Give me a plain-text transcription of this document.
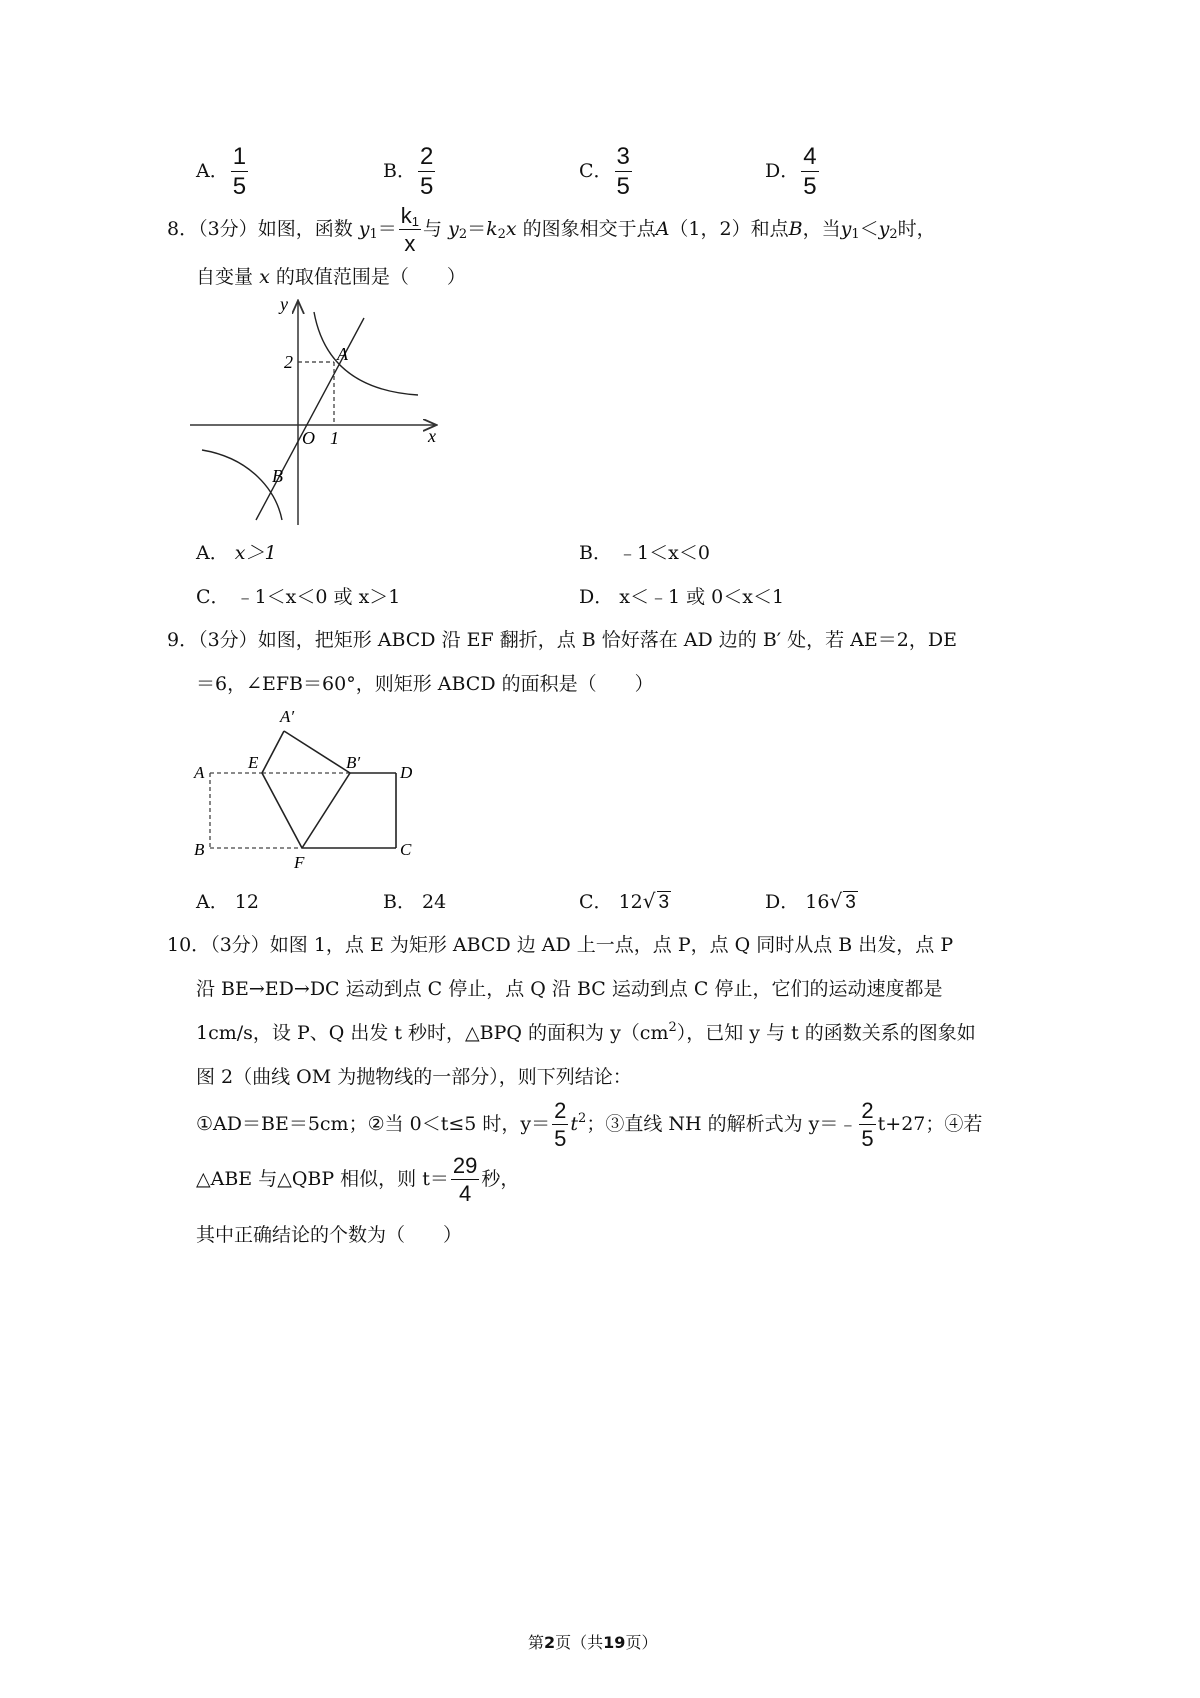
A． $\frac{1}{5}$	B． $\frac{2}{5}$	C． $\frac{3}{5}$	D． $\frac{4}{5}$
8．（3分）如图，函数 $y_1= \frac{k_1}{x}$ 与 $y_2=k_2x$ 的图象相交于点A（1，2）和点B，当$y_1<y_2$时，
自变量 x 的取值范围是（　　）
y
x
O
A
B
2
1
A． x＞1	B． ﹣1＜x＜0
C． ﹣1＜x＜0 或 x＞1	D． x＜﹣1 或 0＜x＜1
9．（3分）如图，把矩形 ABCD 沿 EF 翻折，点 B 恰好落在 AD 边的 B′ 处，若 AE＝2，DE
＝6，∠EFB＝60°，则矩形 ABCD 的面积是（　　）
A′
A
E	B′
D
B
F
C
A． 12	B． 24	C． 12√ 3	D． 16√ 3
10．（3分）如图 1，点 E 为矩形 ABCD 边 AD 上一点，点 P，点 Q 同时从点 B 出发，点 P
沿 BE→ED→DC 运动到点 C 停止，点 Q 沿 BC 运动到点 C 停止，它们的运动速度都是
1cm/s，设 P、Q 出发 t 秒时，△BPQ 的面积为 $y(cm^2)$，已知 y 与 t 的函数关系的图象如
图 2（曲线 OM 为抛物线的一部分），则下列结论：
①AD＝BE＝5cm；②当 0＜t≤5 时，$y= \frac{2}{5} t^2$；③直线 NH 的解析式为 y＝﹣ $\frac{2}{5} t+27$；④若
△ABE 与△QBP 相似，则 $t= \frac{29}{4}$ 秒，
其中正确结论的个数为（　　）
第2页（共19页）
